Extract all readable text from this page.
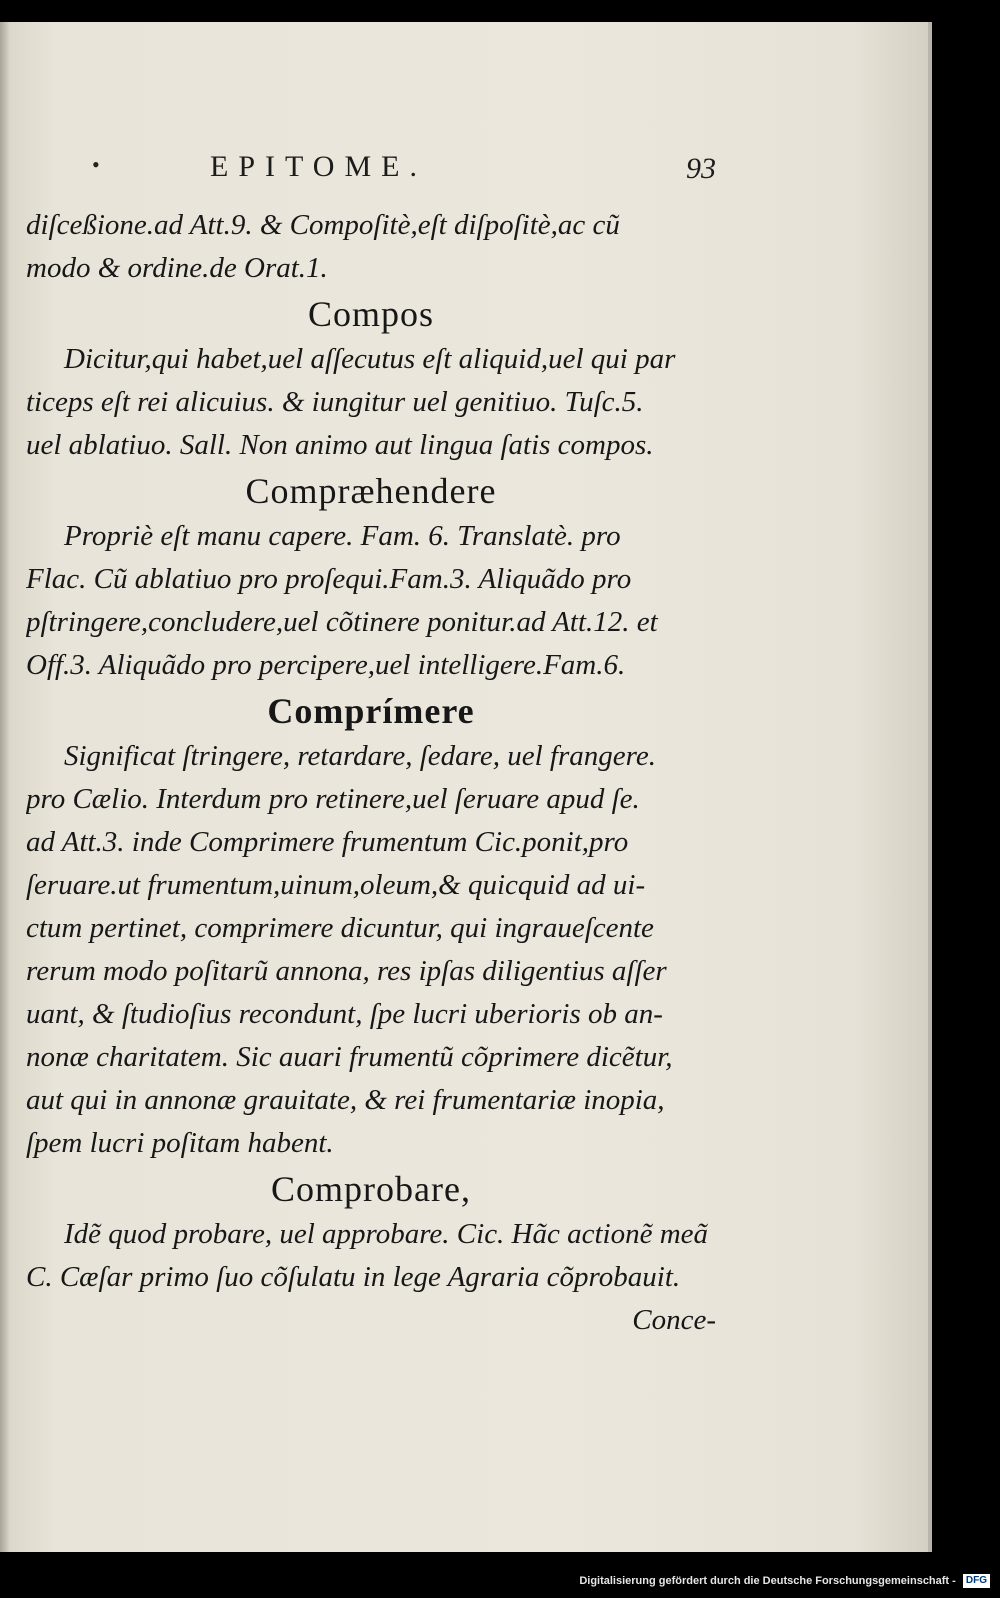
•	EPITOME.	93
diſceßione.ad Att.9. & Compoſitè,eſt diſpoſitè,ac cũ
modo & ordine.de Orat.1.
Compos
Dicitur,qui habet,uel aſſecutus eſt aliquid,uel qui par
ticeps eſt rei alicuius. & iungitur uel genitiuo. Tuſc.5.
uel ablatiuo. Sall. Non animo aut lingua ſatis compos.
Compræhendere
Propriè eſt manu capere. Fam. 6. Translatè. pro
Flac. Cũ ablatiuo pro proſequi.Fam.3. Aliquãdo pro
pſtringere,concludere,uel cõtinere ponitur.ad Att.12. et
Off.3. Aliquãdo pro percipere,uel intelligere.Fam.6.
Comprímere
Significat ſtringere, retardare, ſedare, uel frangere.
pro Cælio. Interdum pro retinere,uel ſeruare apud ſe.
ad Att.3. inde Comprimere frumentum Cic.ponit,pro
ſeruare.ut frumentum,uinum,oleum,& quicquid ad ui-
ctum pertinet, comprimere dicuntur, qui ingraueſcente
rerum modo poſitarũ annona, res ipſas diligentius aſſer
uant, & ſtudioſius recondunt, ſpe lucri uberioris ob an-
nonæ charitatem. Sic auari frumentũ cõprimere dicẽtur,
aut qui in annonæ grauitate, & rei frumentariæ inopia,
ſpem lucri poſitam habent.
Comprobare,
Idẽ quod probare, uel approbare. Cic. Hãc actionẽ meã
C. Cæſar primo ſuo cõſulatu in lege Agraria cõprobauit.
Conce-
Digitalisierung gefördert durch die Deutsche Forschungsgemeinschaft - DFG
